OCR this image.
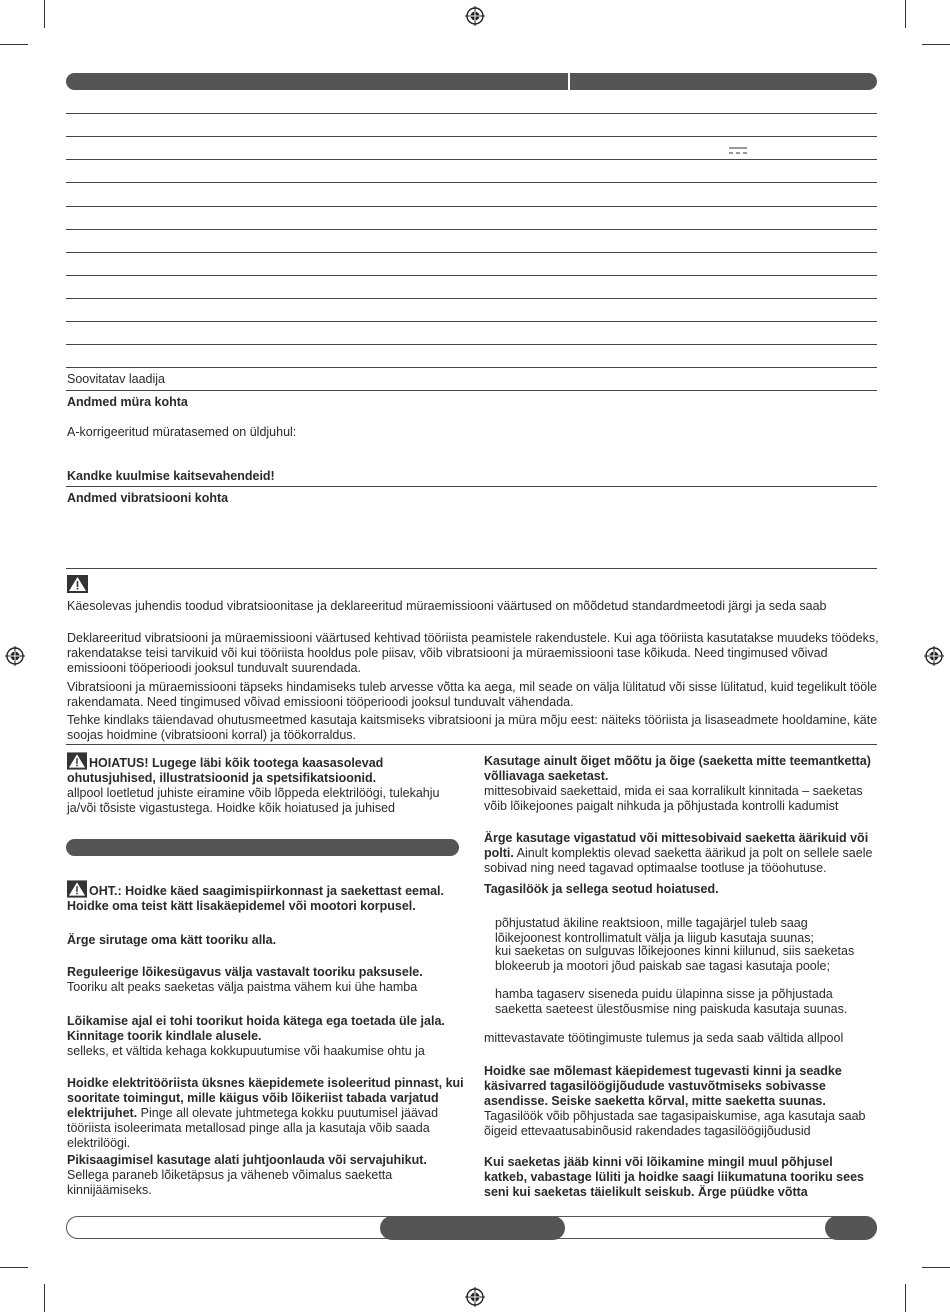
Soovitatav laadija
Andmed müra kohta
A-korrigeeritud müratasemed on üldjuhul:
Kandke kuulmise kaitsevahendeid!
Andmed vibratsiooni kohta
Käesolevas juhendis toodud vibratsioonitase ja deklareeritud müraemissiooni väärtused on mõõdetud standardmeetodi järgi ja seda saab
Deklareeritud vibratsiooni ja müraemissiooni väärtused kehtivad tööriista peamistele rakendustele. Kui aga tööriista kasutatakse muudeks töödeks, rakendatakse teisi tarvikuid või kui tööriista hooldus pole piisav, võib vibratsiooni ja müraemissiooni tase kõikuda. Need tingimused võivad emissiooni tööperioodi jooksul tunduvalt suurendada.
Vibratsiooni ja müraemissiooni täpseks hindamiseks tuleb arvesse võtta ka aega, mil seade on välja lülitatud või sisse lülitatud, kuid tegelikult tööle rakendamata. Need tingimused võivad emissiooni tööperioodi jooksul tunduvalt vähendada.
Tehke kindlaks täiendavad ohutusmeetmed kasutaja kaitsmiseks vibratsiooni ja müra mõju eest: näiteks tööriista ja lisaseadmete hooldamine, käte soojas hoidmine (vibratsiooni korral) ja töökorraldus.
HOIATUS! Lugege läbi kõik tootega kaasasolevad ohutusjuhised, illustratsioonid ja spetsifikatsioonid.
allpool loetletud juhiste eiramine võib lõppeda elektrilöögi, tulekahju ja/või tõsiste vigastustega. Hoidke kõik hoiatused ja juhised
OHT.: Hoidke käed saagimispiirkonnast ja saekettast eemal. Hoidke oma teist kätt lisakäepidemel või mootori korpusel.
Ärge sirutage oma kätt tooriku alla.
Reguleerige lõikesügavus välja vastavalt tooriku paksusele.
Tooriku alt peaks saeketas välja paistma vähem kui ühe hamba
Lõikamise ajal ei tohi toorikut hoida kätega ega toetada üle jala. Kinnitage toorik kindlale alusele.
selleks, et vältida kehaga kokkupuutumise või haakumise ohtu ja
Hoidke elektritööriista üksnes käepidemete isoleeritud pinnast, kui sooritate toimingut, mille käigus võib lõikeriist tabada varjatud elektrijuhet. Pinge all olevate juhtmetega kokku puutumisel jäävad tööriista isoleerimata metallosad pinge alla ja kasutaja võib saada elektrilöögi.
Pikisaagimisel kasutage alati juhtjoonlauda või servajuhikut.
Sellega paraneb lõiketäpsus ja väheneb võimalus saeketta kinnijäämiseks.
Kasutage ainult õiget mõõtu ja õige (saeketta mitte teemantketta) võlliavaga saeketast.
mittesobivaid saekettaid, mida ei saa korralikult kinnitada – saeketas võib lõikejoones paigalt nihkuda ja põhjustada kontrolli kadumist
Ärge kasutage vigastatud või mittesobivaid saeketta äärikuid või polti. Ainult komplektis olevad saeketta äärikud ja polt on sellele saele sobivad ning need tagavad optimaalse tootluse ja tööohutuse.
Tagasilöök ja sellega seotud hoiatused.
põhjustatud äkiline reaktsioon, mille tagajärjel tuleb saag lõikejoonest kontrollimatult välja ja liigub kasutaja suunas;
kui saeketas on sulguvas lõikejoones kinni kiilunud, siis saeketas blokeerub ja mootori jõud paiskab sae tagasi kasutaja poole;
hamba tagaserv siseneda puidu ülapinna sisse ja põhjustada saeketta saeteest ülestõusmise ning paiskuda kasutaja suunas.
mittevastavate töötingimuste tulemus ja seda saab vältida allpool
Hoidke sae mõlemast käepidemest tugevasti kinni ja seadke käsivarred tagasilöögijõudude vastuvõtmiseks sobivasse asendisse. Seiske saeketta kõrval, mitte saeketta suunas.
Tagasilöök võib põhjustada sae tagasipaiskumise, aga kasutaja saab õigeid ettevaatusabinõusid rakendades tagasilöögijõudusid
Kui saeketas jääb kinni või lõikamine mingil muul põhjusel katkeb, vabastage lüliti ja hoidke saagi liikumatuna tooriku sees seni kui saeketas täielikult seiskub. Ärge püüdke võtta
